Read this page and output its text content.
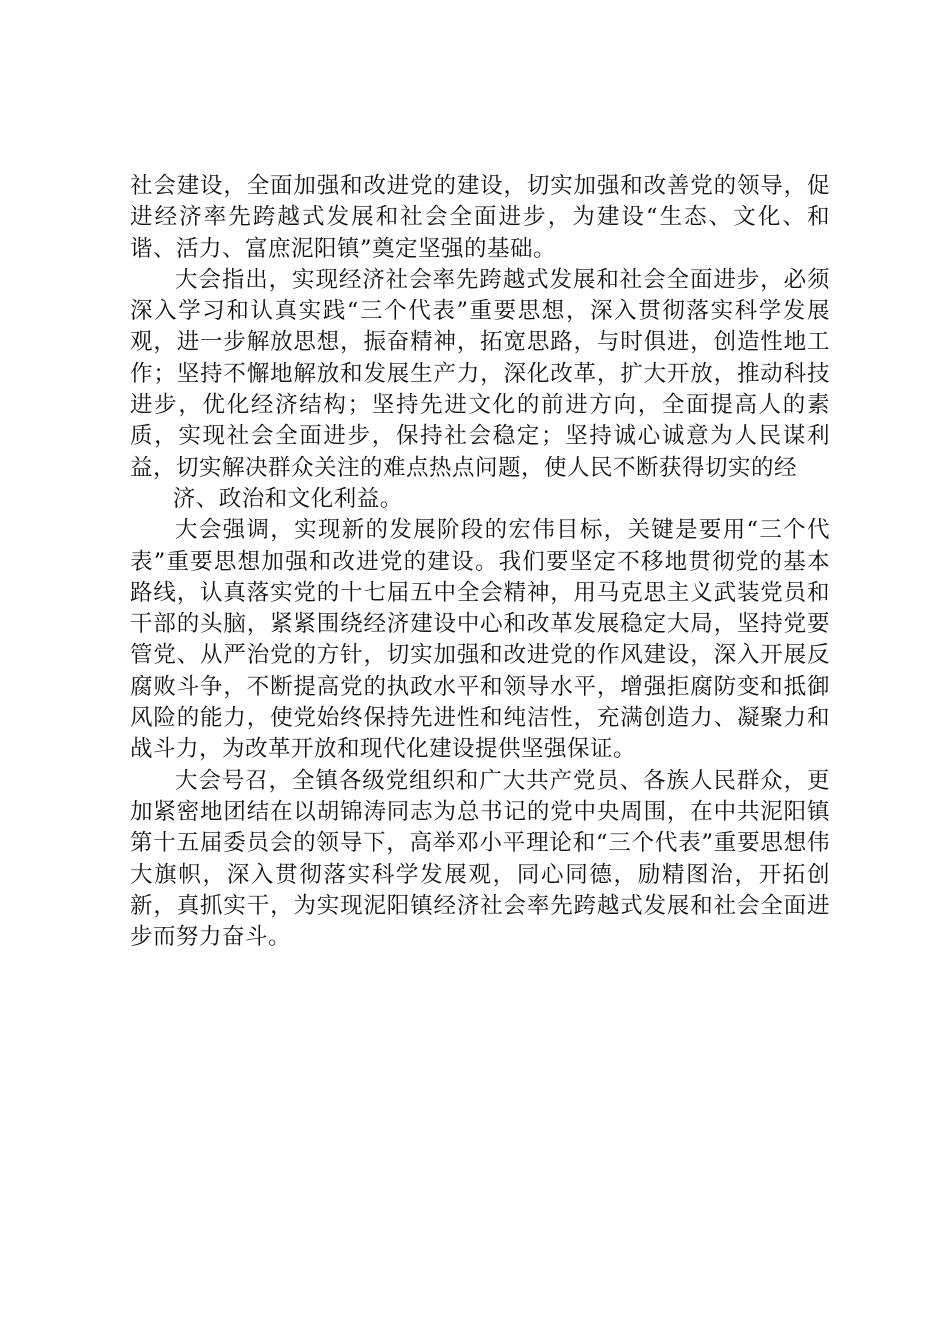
社会建设，全面加强和改进党的建设，切实加强和改善党的领导，促进经济率先跨越式发展和社会全面进步，为建设“生态、文化、和谐、活力、富庶泥阳镇”奠定坚强的基础。

大会指出，实现经济社会率先跨越式发展和社会全面进步，必须深入学习和认真实践“三个代表”重要思想，深入贯彻落实科学发展观，进一步解放思想，振奋精神，拓宽思路，与时俱进，创造性地工作；坚持不懈地解放和发展生产力，深化改革，扩大开放，推动科技进步，优化经济结构；坚持先进文化的前进方向，全面提高人的素质，实现社会全面进步，保持社会稳定；坚持诚心诚意为人民谋利益，切实解决群众关注的难点热点问题，使人民不断获得切实的经

济、政治和文化利益。

大会强调，实现新的发展阶段的宏伟目标，关键是要用“三个代表”重要思想加强和改进党的建设。我们要坚定不移地贯彻党的基本路线，认真落实党的十七届五中全会精神，用马克思主义武装党员和干部的头脑，紧紧围绕经济建设中心和改革发展稳定大局，坚持党要管党、从严治党的方针，切实加强和改进党的作风建设，深入开展反腐败斗争，不断提高党的执政水平和领导水平，增强拒腐防变和抵御风险的能力，使党始终保持先进性和纯洁性，充满创造力、凝聚力和战斗力，为改革开放和现代化建设提供坚强保证。

大会号召，全镇各级党组织和广大共产党员、各族人民群众，更加紧密地团结在以胡锦涛同志为总书记的党中央周围，在中共泥阳镇第十五届委员会的领导下，高举邓小平理论和“三个代表”重要思想伟大旗帜，深入贯彻落实科学发展观，同心同德，励精图治，开拓创新，真抓实干，为实现泥阳镇经济社会率先跨越式发展和社会全面进步而努力奋斗。
